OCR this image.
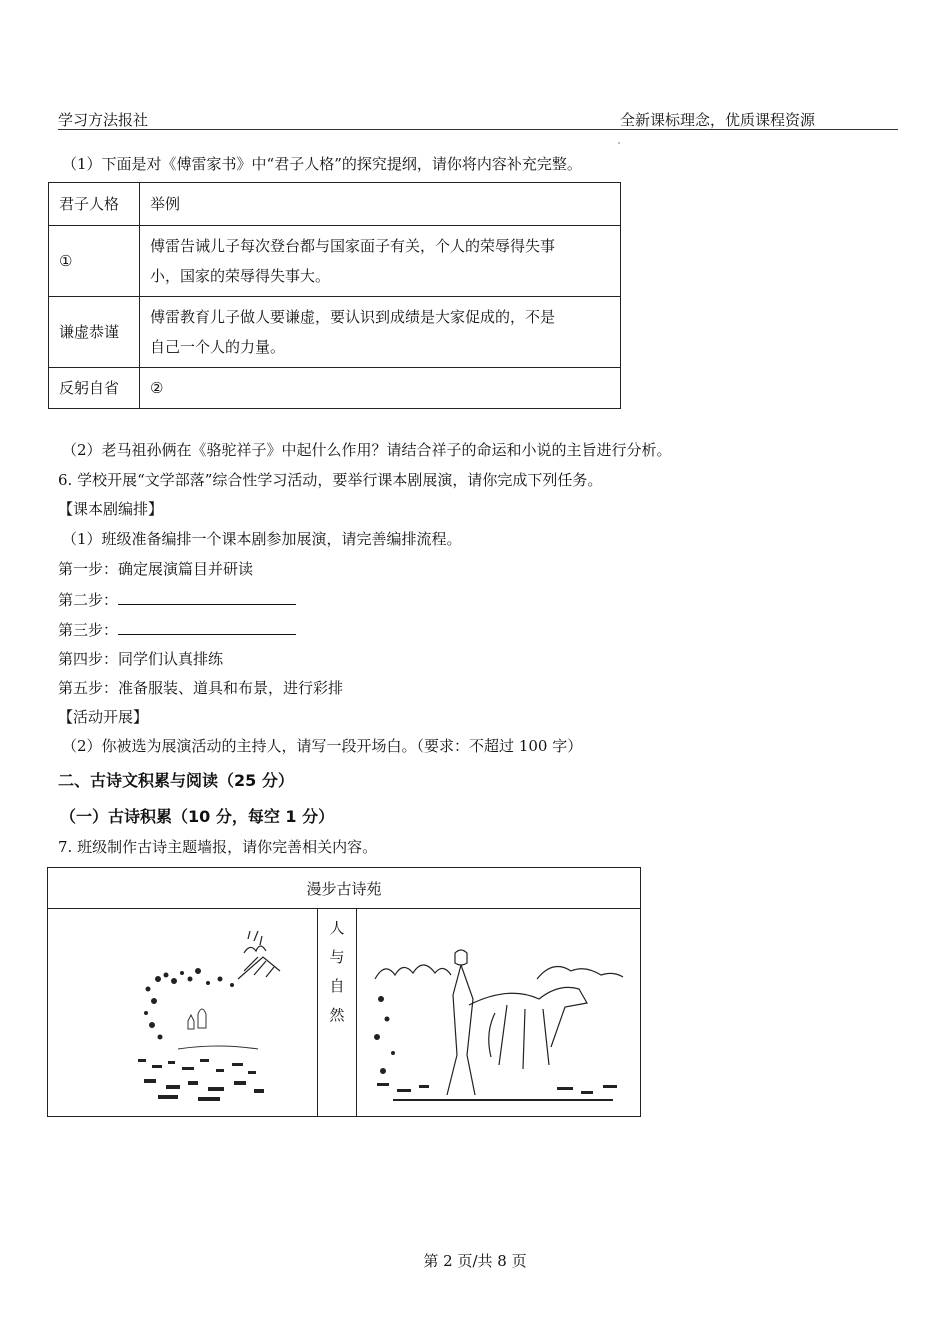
学习方法报社	全新课标理念，优质课程资源
（1）下面是对《傅雷家书》中“君子人格”的探究提纲，请你将内容补充完整。
君子人格	举例
①	傅雷告诫儿子每次登台都与国家面子有关，个人的荣辱得失事
小，国家的荣辱得失事大。

谦虚恭谨	傅雷教育儿子做人要谦虚，要认识到成绩是大家促成的，不是
自己一个人的力量。

反躬自省	②
（2）老马祖孙俩在《骆驼祥子》中起什么作用？请结合祥子的命运和小说的主旨进行分析。
6. 学校开展“文学部落”综合性学习活动，要举行课本剧展演，请你完成下列任务。
【课本剧编排】
（1）班级准备编排一个课本剧参加展演，请完善编排流程。
第一步：确定展演篇目并研读
第二步：
第三步：
第四步：同学们认真排练
第五步：准备服装、道具和布景，进行彩排
【活动开展】
（2）你被选为展演活动的主持人，请写一段开场白。（要求：不超过 100 字）
二、古诗文积累与阅读（25 分）
（一）古诗积累（10 分，每空 1 分）
7. 班级制作古诗主题墙报，请你完善相关内容。
漫步古诗苑

人
与
自
然

第 2 页/共 8 页
